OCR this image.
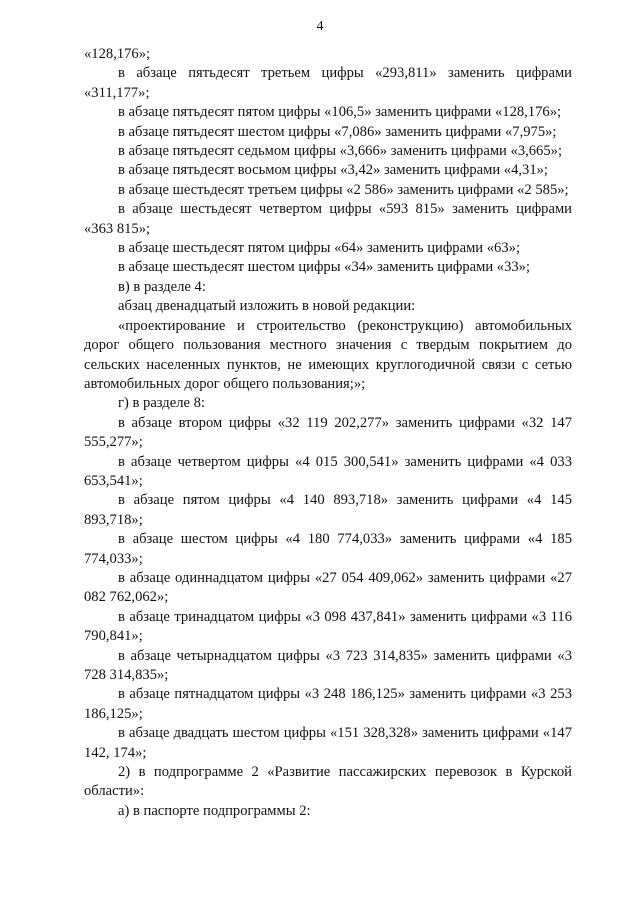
4

«128,176»;

в абзаце пятьдесят третьем цифры «293,811» заменить цифрами «311,177»;

в абзаце пятьдесят пятом цифры «106,5» заменить цифрами «128,176»;

в абзаце пятьдесят шестом цифры «7,086» заменить цифрами «7,975»;

в абзаце пятьдесят седьмом цифры «3,666» заменить цифрами «3,665»;

в абзаце пятьдесят восьмом цифры «3,42» заменить цифрами «4,31»;

в абзаце шестьдесят третьем цифры «2 586» заменить цифрами «2 585»;

в абзаце шестьдесят четвертом цифры «593 815» заменить цифрами «363 815»;

в абзаце шестьдесят пятом цифры «64» заменить цифрами «63»;

в абзаце шестьдесят шестом цифры «34» заменить цифрами «33»;

в) в разделе 4:

абзац двенадцатый изложить в новой редакции:

«проектирование и строительство (реконструкцию) автомобильных дорог общего пользования местного значения с твердым покрытием до сельских населенных пунктов, не имеющих круглогодичной связи с сетью автомобильных дорог общего пользования;»;

г) в разделе 8:

в абзаце втором цифры «32 119 202,277» заменить цифрами «32 147 555,277»;

в абзаце четвертом цифры «4 015 300,541» заменить цифрами «4 033 653,541»;

в абзаце пятом цифры «4 140 893,718» заменить цифрами «4 145 893,718»;

в абзаце шестом цифры «4 180 774,033» заменить цифрами «4 185 774,033»;

в абзаце одиннадцатом цифры «27 054 409,062» заменить цифрами «27 082 762,062»;

в абзаце тринадцатом цифры «3 098 437,841» заменить цифрами «3 116 790,841»;

в абзаце четырнадцатом цифры «3 723 314,835» заменить цифрами «3 728 314,835»;

в абзаце пятнадцатом цифры «3 248 186,125» заменить цифрами «3 253 186,125»;

в абзаце двадцать шестом цифры «151 328,328» заменить цифрами «147 142, 174»;

2) в подпрограмме 2 «Развитие пассажирских перевозок в Курской области»:

а) в паспорте подпрограммы 2:
